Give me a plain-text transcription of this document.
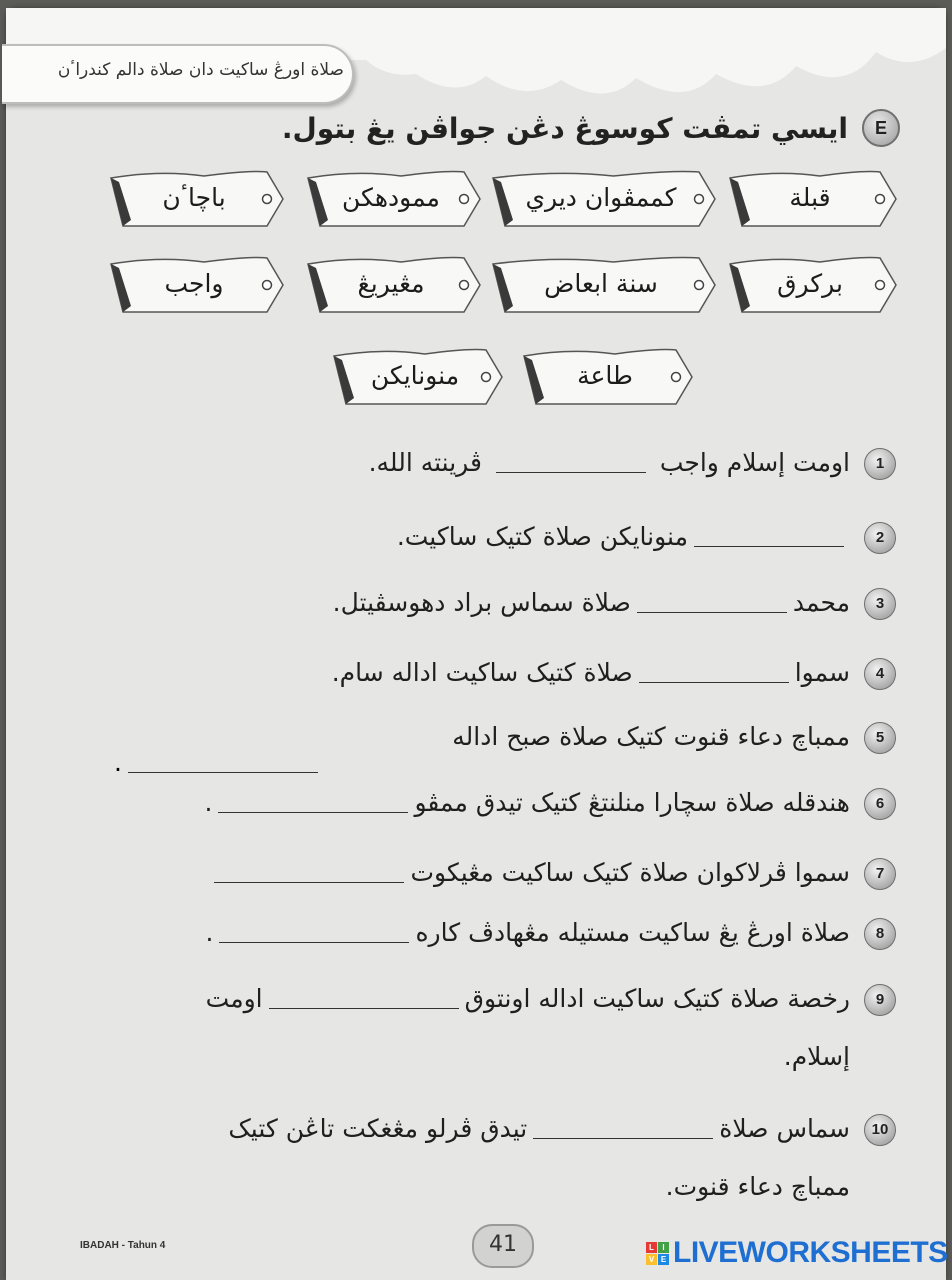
صلاة اورڠ ساکيت دان صلاة دالم کندراٴن
E
ايسي تمڤت کوسوڠ دڠن جواڤن يڠ بتول.
قبلة
کممڤوان ديري
ممودهکن
باچاٴن
برکرق
سنة ابعاض
مڠيريڠ
واجب
طاعة
منونايکن
1
اومت إسلام واجب  ڤرينته الله.
2
منونايکن صلاة کتيک ساکيت.
3
محمدصلاة سماس براد دهوسڤيتل.
4
سمواصلاة کتيک ساکيت اداله سام.
5
ممباچ دعاء قنوت کتيک صلاة صبح اداله
.
6
هندقله صلاة سچارا منلنتڠ کتيک تيدق ممڤو.
7
سموا ڤرلاکوان صلاة کتيک ساکيت مڠيکوت
8
صلاة اورڠ يڠ ساکيت مستيله مڠهادڤ کاره.
9
رخصة صلاة کتيک ساکيت اداله اونتوقاومت
إسلام.
10
سماس صلاةتيدق ڤرلو مڠغکت تاڠن کتيک
ممباچ دعاء قنوت.
IBADAH - Tahun 4	41	L	I
V E LIVEWORKSHEETS
